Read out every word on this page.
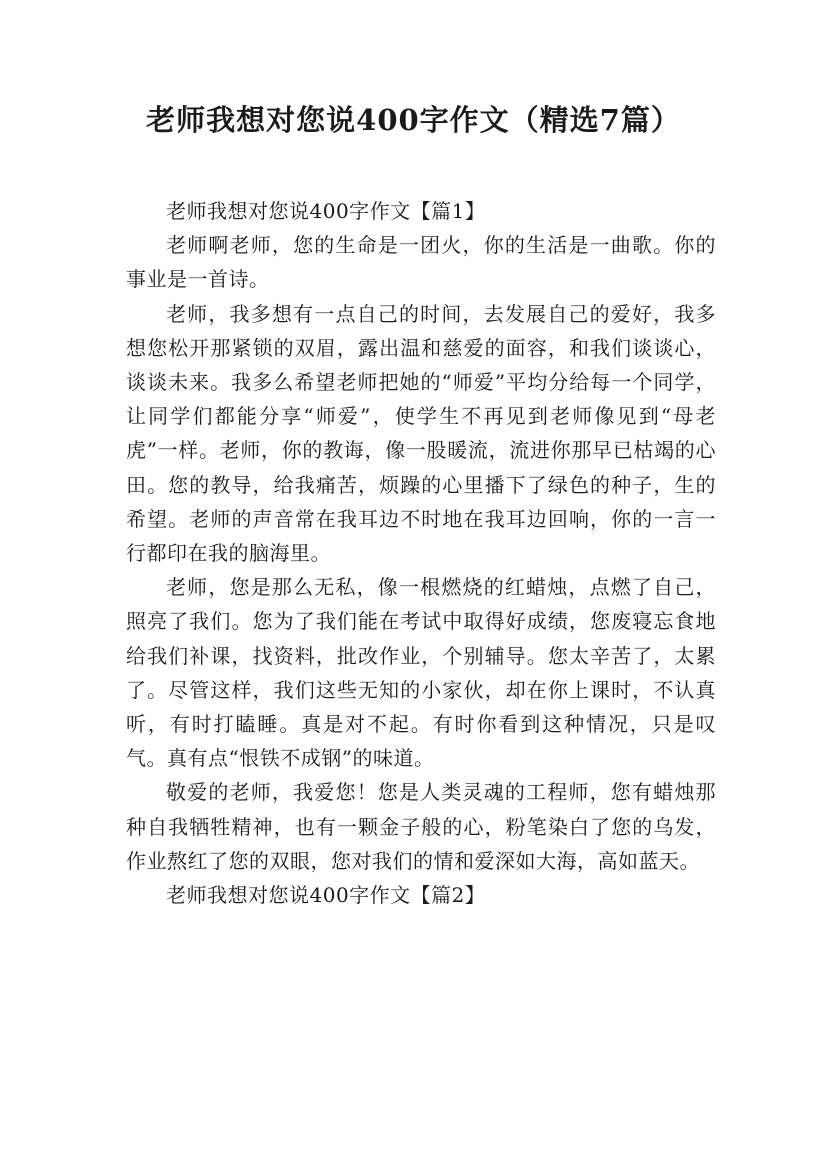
老师我想对您说400字作文（精选7篇）

老师我想对您说400字作文【篇1】

老师啊老师，您的生命是一团火，你的生活是一曲歌。你的事业是一首诗。

老师，我多想有一点自己的时间，去发展自己的爱好，我多想您松开那紧锁的双眉，露出温和慈爱的面容，和我们谈谈心，谈谈未来。我多么希望老师把她的“师爱”平均分给每一个同学，让同学们都能分享“师爱”，使学生不再见到老师像见到“母老虎”一样。老师，你的教诲，像一股暖流，流进你那早已枯竭的心田。您的教导，给我痛苦，烦躁的心里播下了绿色的种子，生的希望。老师的声音常在我耳边不时地在我耳边回响，你的一言一行都印在我的脑海里。

老师，您是那么无私，像一根燃烧的红蜡烛，点燃了自己，照亮了我们。您为了我们能在考试中取得好成绩，您废寝忘食地给我们补课，找资料，批改作业，个别辅导。您太辛苦了，太累了。尽管这样，我们这些无知的小家伙，却在你上课时，不认真听，有时打瞌睡。真是对不起。有时你看到这种情况，只是叹气。真有点“恨铁不成钢”的味道。

敬爱的老师，我爱您！您是人类灵魂的工程师，您有蜡烛那种自我牺牲精神，也有一颗金子般的心，粉笔染白了您的乌发，作业熬红了您的双眼，您对我们的情和爱深如大海，高如蓝天。

老师我想对您说400字作文【篇2】
